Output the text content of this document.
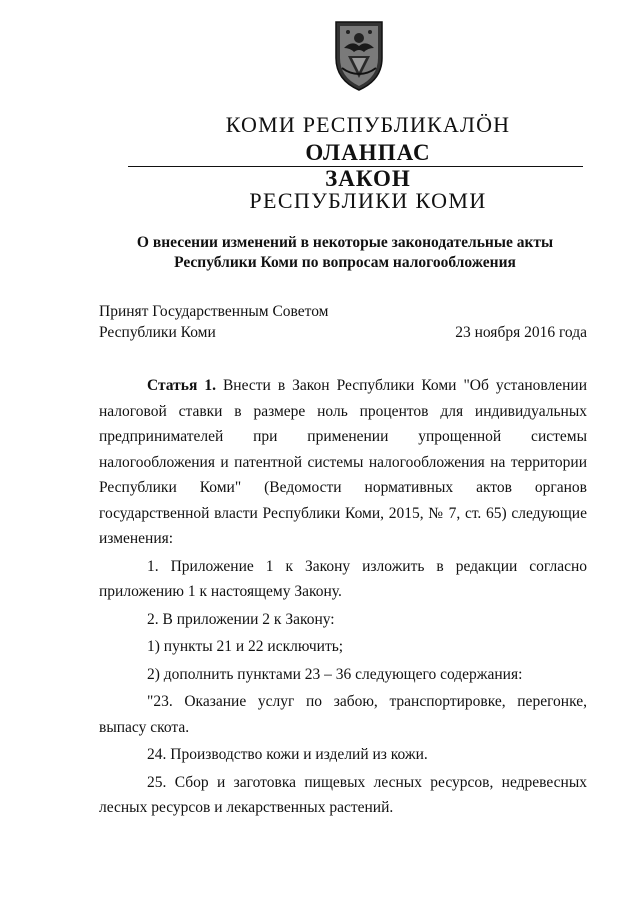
КОМИ РЕСПУБЛИКАЛӦН
ОЛАНПАС
ЗАКОН
РЕСПУБЛИКИ КОМИ
О внесении изменений в некоторые законодательные акты
Республики Коми по вопросам налогообложения
Принят Государственным Советом
Республики Коми	23 ноября 2016 года

Статья 1. Внести в Закон Республики Коми "Об установлении налоговой ставки в размере ноль процентов для индивидуальных предпринимателей при применении упрощенной системы налогообложения и патентной системы налогообложения на территории Республики Коми" (Ведомости нормативных актов органов государственной власти Республики Коми, 2015, № 7, ст. 65) следующие изменения:

1. Приложение 1 к Закону изложить в редакции согласно приложению 1 к настоящему Закону.

2. В приложении 2 к Закону:

1) пункты 21 и 22 исключить;

2) дополнить пунктами 23 – 36 следующего содержания:

"23. Оказание услуг по забою, транспортировке, перегонке, выпасу скота.

24. Производство кожи и изделий из кожи.

25. Сбор и заготовка пищевых лесных ресурсов, недревесных лесных ресурсов и лекарственных растений.
